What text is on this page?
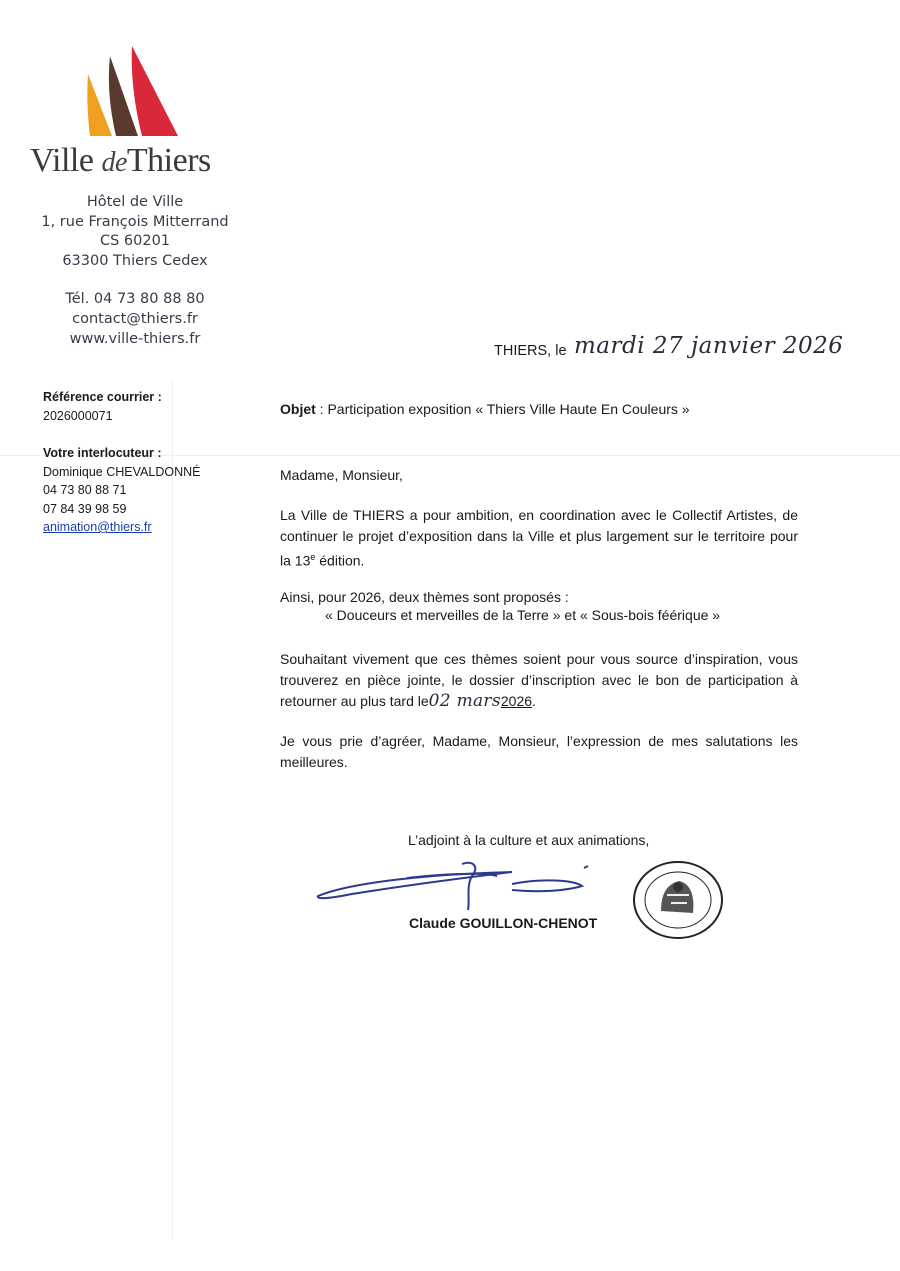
Ville deThiers
Hôtel de Ville
1, rue François Mitterrand
CS 60201
63300 Thiers Cedex
Tél. 04 73 80 88 80
contact@thiers.fr
www.ville-thiers.fr
THIERS, le mardi 27 janvier 2026
Référence courrier :
2026000071
Votre interlocuteur :
Dominique CHEVALDONNÉ
04 73 80 88 71
07 84 39 98 59
animation@thiers.fr
Objet : Participation exposition « Thiers Ville Haute En Couleurs »
Madame, Monsieur,
La Ville de THIERS a pour ambition, en coordination avec le Collectif Artistes, de continuer le projet d’exposition dans la Ville et plus largement sur le territoire pour la 13e édition.
Ainsi, pour 2026, deux thèmes sont proposés :
« Douceurs et merveilles de la Terre » et « Sous-bois féérique »
Souhaitant vivement que ces thèmes soient pour vous source d’inspiration, vous trouverez en pièce jointe, le dossier d’inscription avec le bon de participation à retourner au plus tard le02 mars2026.
Je vous prie d’agréer, Madame, Monsieur, l’expression de mes salutations les meilleures.
L’adjoint à la culture et aux animations,
Claude GOUILLON-CHENOT
